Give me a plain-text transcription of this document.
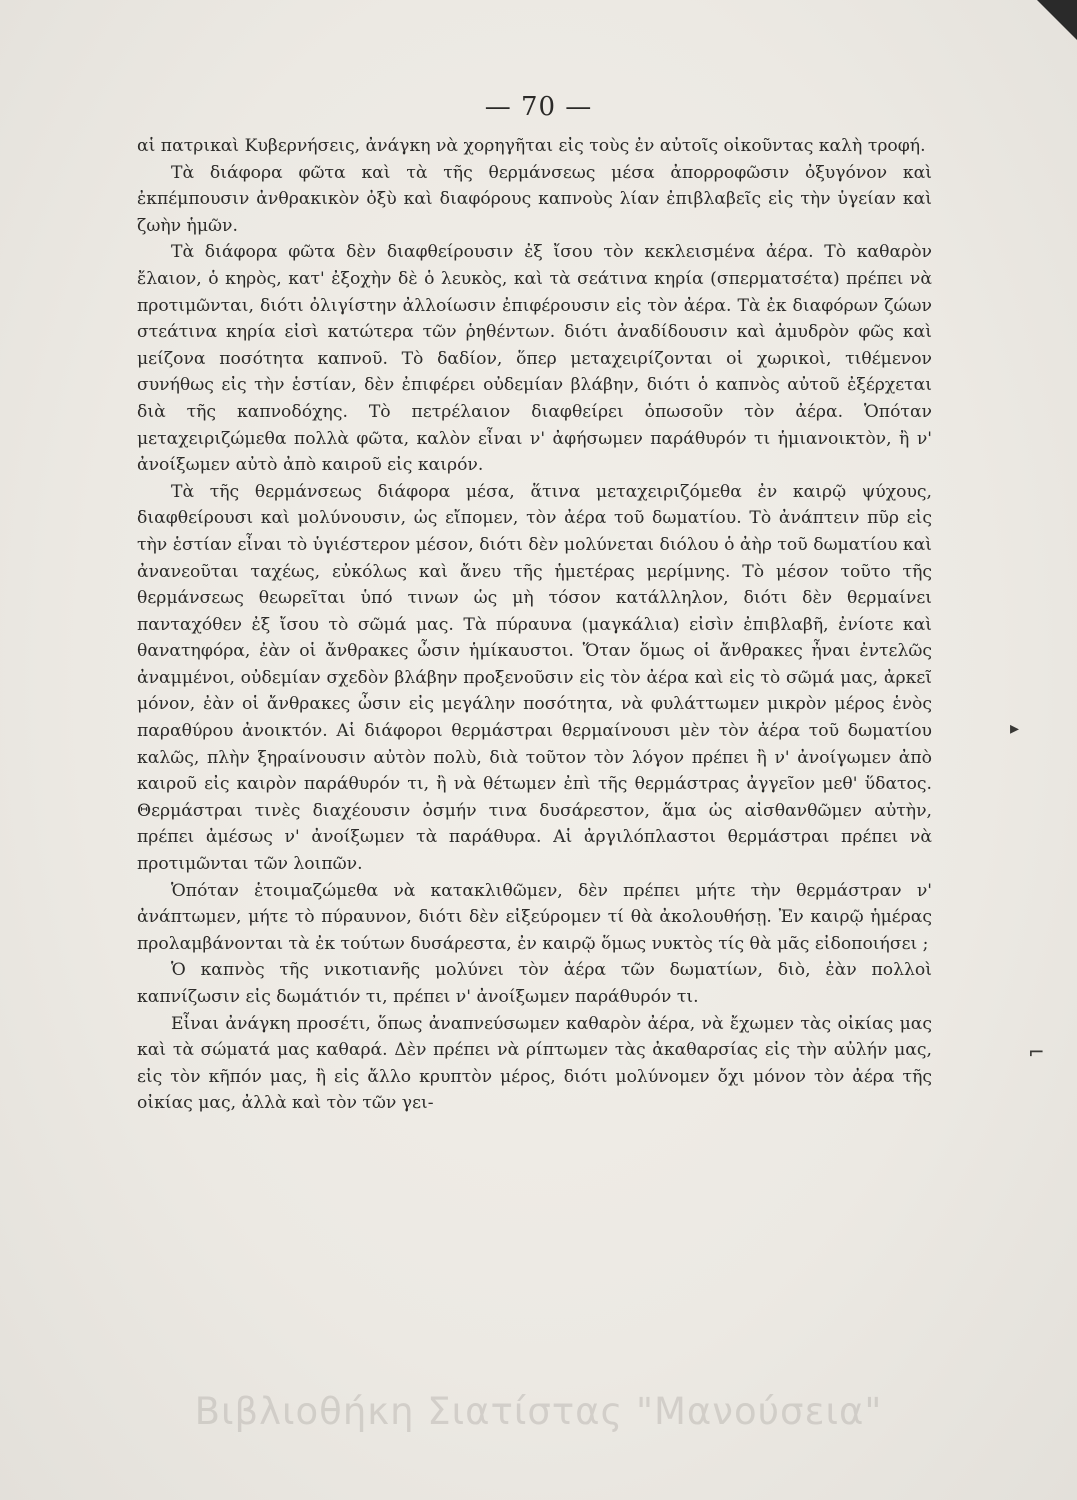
— 70 —

αἱ πατρικαὶ Κυβερνήσεις, ἀνάγκη νὰ χορηγῆται εἰς τοὺς ἐν αὐτοῖς οἰκοῦντας καλὴ τροφή.

Τὰ διάφορα φῶτα καὶ τὰ τῆς θερμάνσεως μέσα ἀπορροφῶσιν ὀξυγόνον καὶ ἐκπέμπουσιν ἀνθρακικὸν ὀξὺ καὶ διαφόρους καπνοὺς λίαν ἐπιβλαβεῖς εἰς τὴν ὑγείαν καὶ ζωὴν ἡμῶν.

Τὰ διάφορα φῶτα δὲν διαφθείρουσιν ἐξ ἴσου τὸν κεκλεισμένα ἀέρα. Τὸ καθαρὸν ἔλαιον, ὁ κηρὸς, κατ' ἐξοχὴν δὲ ὁ λευκὸς, καὶ τὰ σεάτινα κηρία (σπερματσέτα) πρέπει νὰ προτιμῶνται, διότι ὀλιγίστην ἀλλοίωσιν ἐπιφέρουσιν εἰς τὸν ἀέρα. Τὰ ἐκ διαφόρων ζώων στεάτινα κηρία εἰσὶ κατώτερα τῶν ῥηθέντων. διότι ἀναδίδουσιν καὶ ἀμυδρὸν φῶς καὶ μείζονα ποσότητα καπνοῦ. Τὸ δαδίον, ὅπερ μεταχειρίζονται οἱ χωρικοὶ, τιθέμενον συνήθως εἰς τὴν ἑστίαν, δὲν ἐπιφέρει οὐδεμίαν βλάβην, διότι ὁ καπνὸς αὐτοῦ ἐξέρχεται διὰ τῆς καπνοδόχης. Τὸ πετρέλαιον διαφθείρει ὁπωσοῦν τὸν ἀέρα. Ὁπόταν μεταχειριζώμεθα πολλὰ φῶτα, καλὸν εἶναι ν' ἀφήσωμεν παράθυρόν τι ἡμιανοικτὸν, ἢ ν' ἀνοίξωμεν αὐτὸ ἀπὸ καιροῦ εἰς καιρόν.

Τὰ τῆς θερμάνσεως διάφορα μέσα, ἅτινα μεταχειριζόμεθα ἐν καιρῷ ψύχους, διαφθείρουσι καὶ μολύνουσιν, ὡς εἴπομεν, τὸν ἀέρα τοῦ δωματίου. Τὸ ἀνάπτειν πῦρ εἰς τὴν ἑστίαν εἶναι τὸ ὑγιέστερον μέσον, διότι δὲν μολύνεται διόλου ὁ ἀὴρ τοῦ δωματίου καὶ ἀνανεοῦται ταχέως, εὐκόλως καὶ ἄνευ τῆς ἡμετέρας μερίμνης. Τὸ μέσον τοῦτο τῆς θερμάνσεως θεωρεῖται ὑπό τινων ὡς μὴ τόσον κατάλληλον, διότι δὲν θερμαίνει πανταχόθεν ἐξ ἴσου τὸ σῶμά μας. Τὰ πύραυνα (μαγκάλια) εἰσὶν ἐπιβλαβῆ, ἐνίοτε καὶ θανατηφόρα, ἐὰν οἱ ἄνθρακες ὦσιν ἡμίκαυστοι. Ὅταν ὅμως οἱ ἄνθρακες ἦναι ἐντελῶς ἀναμμένοι, οὐδεμίαν σχεδὸν βλάβην προξενοῦσιν εἰς τὸν ἀέρα καὶ εἰς τὸ σῶμά μας, ἀρκεῖ μόνον, ἐὰν οἱ ἄνθρακες ὦσιν εἰς μεγάλην ποσότητα, νὰ φυλάττωμεν μικρὸν μέρος ἑνὸς παραθύρου ἀνοικτόν. Αἱ διάφοροι θερμάστραι θερμαίνουσι μὲν τὸν ἀέρα τοῦ δωματίου καλῶς, πλὴν ξηραίνουσιν αὐτὸν πολὺ, διὰ τοῦτον τὸν λόγον πρέπει ἢ ν' ἀνοίγωμεν ἀπὸ καιροῦ εἰς καιρὸν παράθυρόν τι, ἢ νὰ θέτωμεν ἐπὶ τῆς θερμάστρας ἀγγεῖον μεθ' ὕδατος. Θερμάστραι τινὲς διαχέουσιν ὀσμήν τινα δυσάρεστον, ἅμα ὡς αἰσθανθῶμεν αὐτὴν, πρέπει ἀμέσως ν' ἀνοίξωμεν τὰ παράθυρα. Αἱ ἀργιλόπλαστοι θερμάστραι πρέπει νὰ προτιμῶνται τῶν λοιπῶν.

Ὁπόταν ἑτοιμαζώμεθα νὰ κατακλιθῶμεν, δὲν πρέπει μήτε τὴν θερμάστραν ν' ἀνάπτωμεν, μήτε τὸ πύραυνον, διότι δὲν εἰξεύρομεν τί θὰ ἀκολουθήσῃ. Ἐν καιρῷ ἡμέρας προλαμβάνονται τὰ ἐκ τούτων δυσάρεστα, ἐν καιρῷ ὅμως νυκτὸς τίς θὰ μᾶς εἰδοποιήσει ;

Ὁ καπνὸς τῆς νικοτιανῆς μολύνει τὸν ἀέρα τῶν δωματίων, διὸ, ἐὰν πολλοὶ καπνίζωσιν εἰς δωμάτιόν τι, πρέπει ν' ἀνοίξωμεν παράθυρόν τι.

Εἶναι ἀνάγκη προσέτι, ὅπως ἀναπνεύσωμεν καθαρὸν ἀέρα, νὰ ἔχωμεν τὰς οἰκίας μας καὶ τὰ σώματά μας καθαρά. Δὲν πρέπει νὰ ρίπτωμεν τὰς ἀκαθαρσίας εἰς τὴν αὐλήν μας, εἰς τὸν κῆπόν μας, ἢ εἰς ἄλλο κρυπτὸν μέρος, διότι μολύνομεν ὄχι μόνον τὸν ἀέρα τῆς οἰκίας μας, ἀλλὰ καὶ τὸν τῶν γει-

▸
⌐
Βιβλιοθήκη Σιατίστας "Μανούσεια"
